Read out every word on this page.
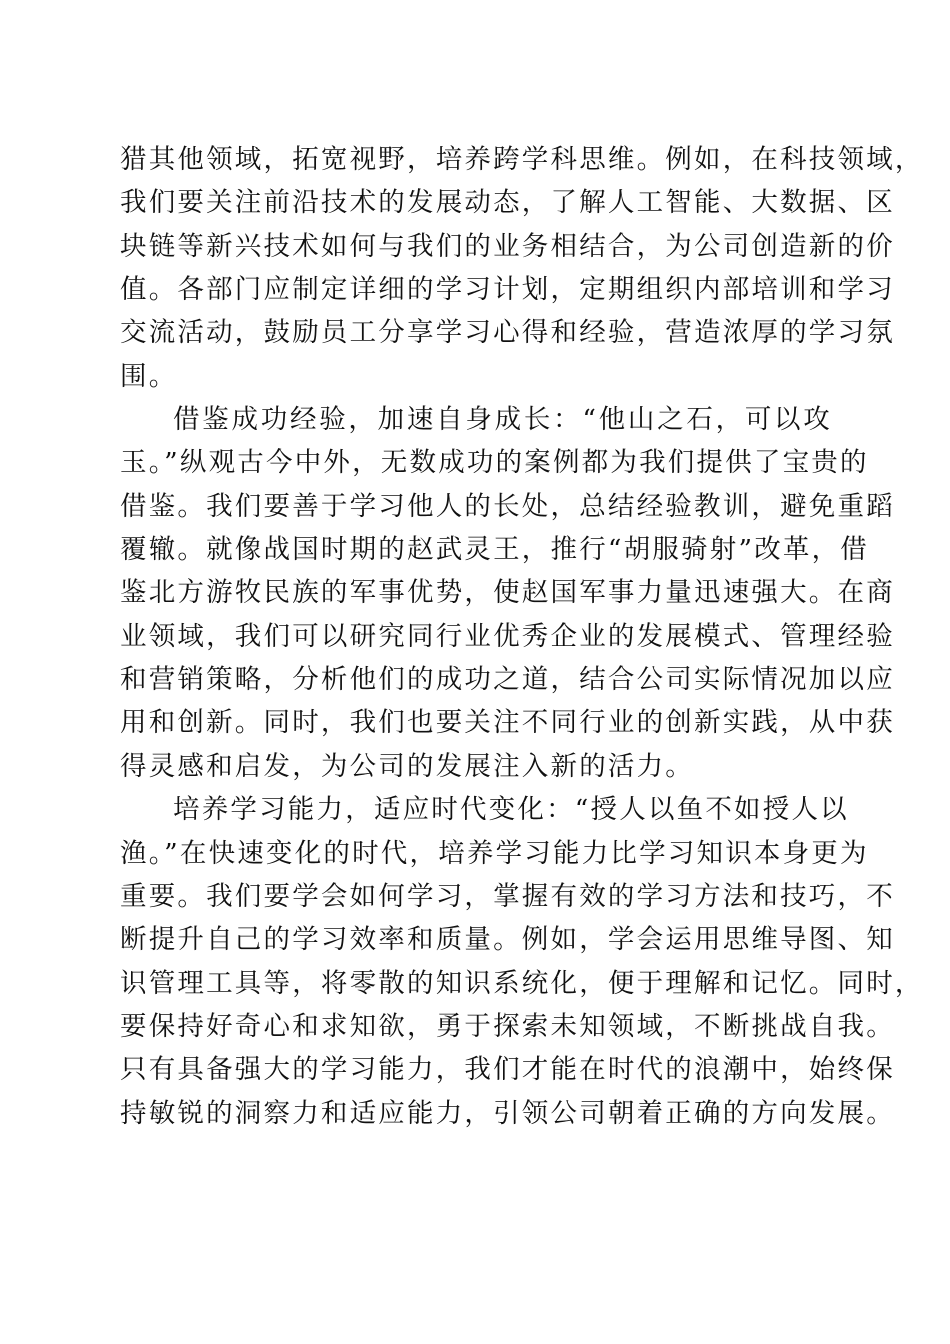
猎其他领域，拓宽视野，培养跨学科思维。例如，在科技领域，
我们要关注前沿技术的发展动态，了解人工智能、大数据、区
块链等新兴技术如何与我们的业务相结合，为公司创造新的价
值。各部门应制定详细的学习计划，定期组织内部培训和学习
交流活动，鼓励员工分享学习心得和经验，营造浓厚的学习氛
围。
借鉴成功经验，加速自身成长：“他山之石，可以攻
玉。”纵观古今中外，无数成功的案例都为我们提供了宝贵的
借鉴。我们要善于学习他人的长处，总结经验教训，避免重蹈
覆辙。就像战国时期的赵武灵王，推行“胡服骑射”改革，借
鉴北方游牧民族的军事优势，使赵国军事力量迅速强大。在商
业领域，我们可以研究同行业优秀企业的发展模式、管理经验
和营销策略，分析他们的成功之道，结合公司实际情况加以应
用和创新。同时，我们也要关注不同行业的创新实践，从中获
得灵感和启发，为公司的发展注入新的活力。
培养学习能力，适应时代变化：“授人以鱼不如授人以
渔。”在快速变化的时代，培养学习能力比学习知识本身更为
重要。我们要学会如何学习，掌握有效的学习方法和技巧，不
断提升自己的学习效率和质量。例如，学会运用思维导图、知
识管理工具等，将零散的知识系统化，便于理解和记忆。同时，
要保持好奇心和求知欲，勇于探索未知领域，不断挑战自我。
只有具备强大的学习能力，我们才能在时代的浪潮中，始终保
持敏锐的洞察力和适应能力，引领公司朝着正确的方向发展。
